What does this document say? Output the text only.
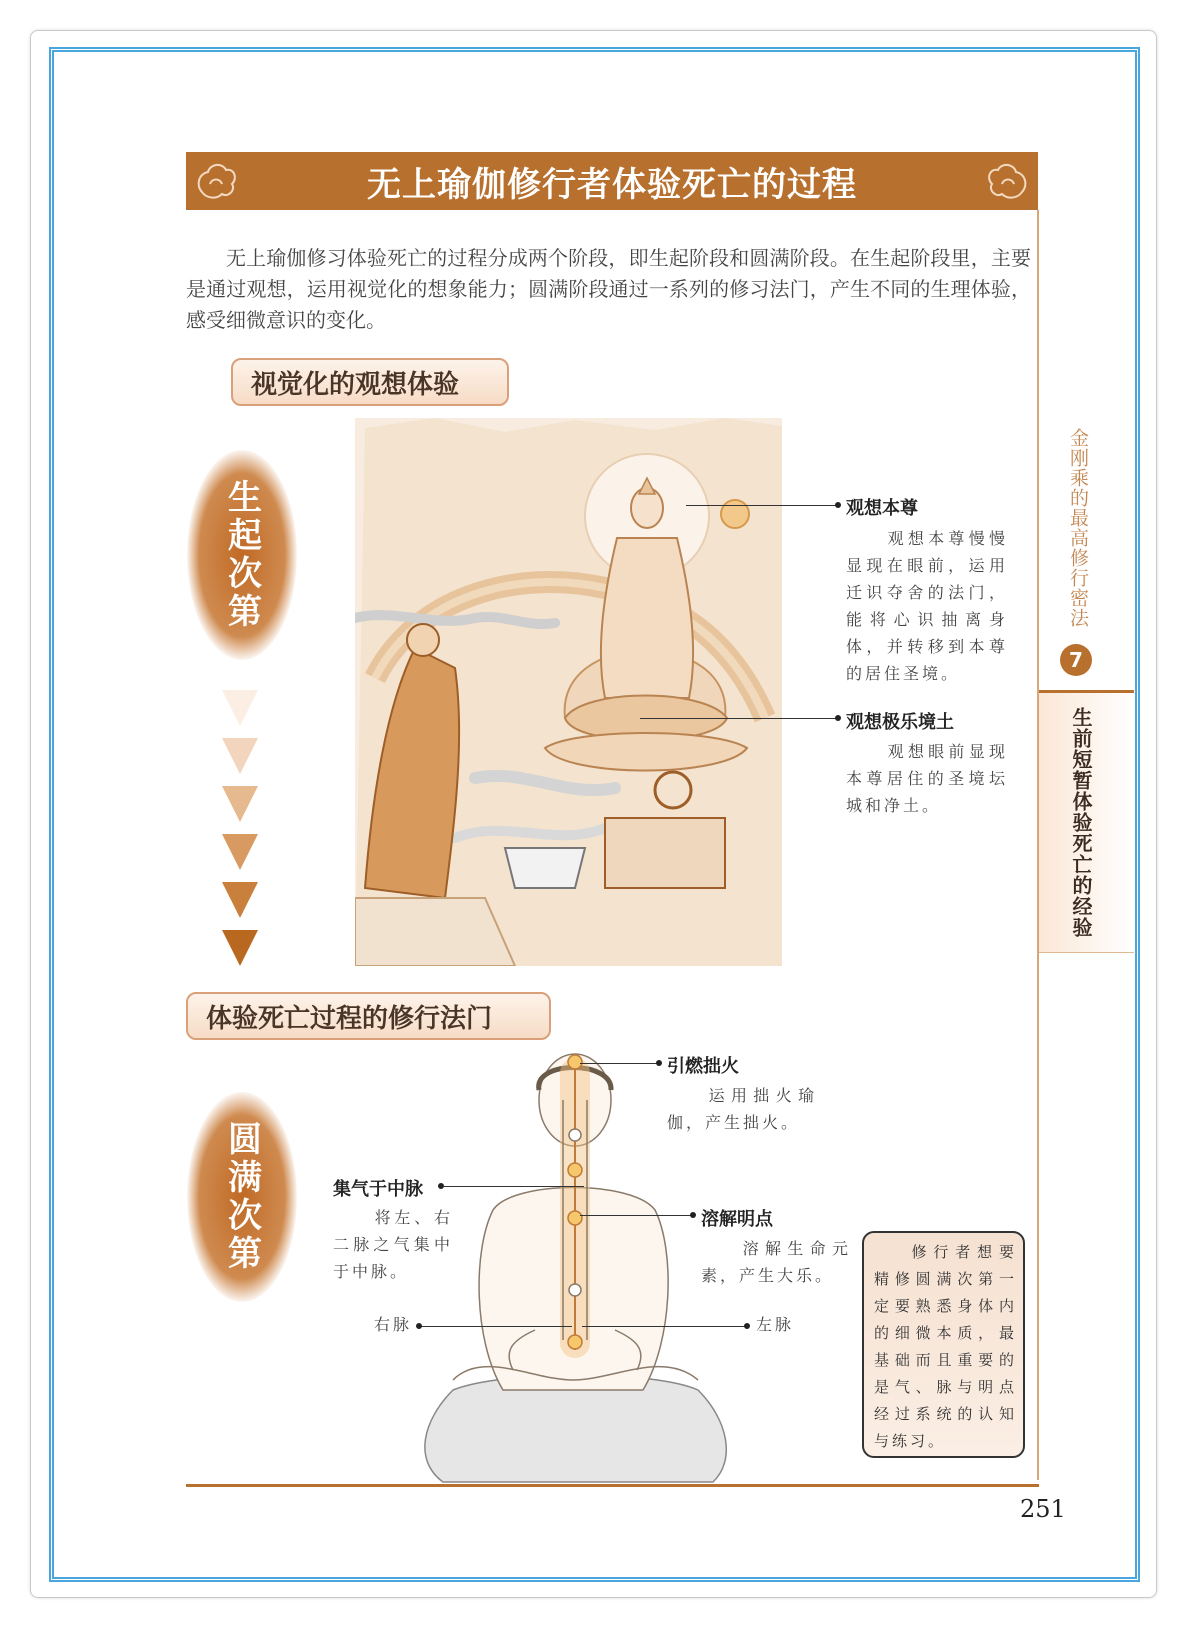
无上瑜伽修行者体验死亡的过程

无上瑜伽修习体验死亡的过程分成两个阶段，即生起阶段和圆满阶段。在生起阶段里，主要是通过观想，运用视觉化的想象能力；圆满阶段通过一系列的修习法门，产生不同的生理体验，感受细微意识的变化。

视觉化的观想体验
生起次第	观想本尊

观想本尊慢慢显现在眼前，运用迁识夺舍的法门，能将心识抽离身体，并转移到本尊的居住圣境。

观想极乐境土

观想眼前显现本尊居住的圣境坛城和净土。

体验死亡过程的修行法门
圆满次第
引燃拙火

运用拙火瑜伽，产生拙火。

集气于中脉

将左、右二脉之气集中于中脉。

溶解明点

溶解生命元素，产生大乐。

右脉	左脉

修行者想要精修圆满次第一定要熟悉身体内的细微本质，最基础而且重要的是气、脉与明点经过系统的认知与练习。

251
金刚乘的最高修行密法
7
生前短暂体验死亡的经验
